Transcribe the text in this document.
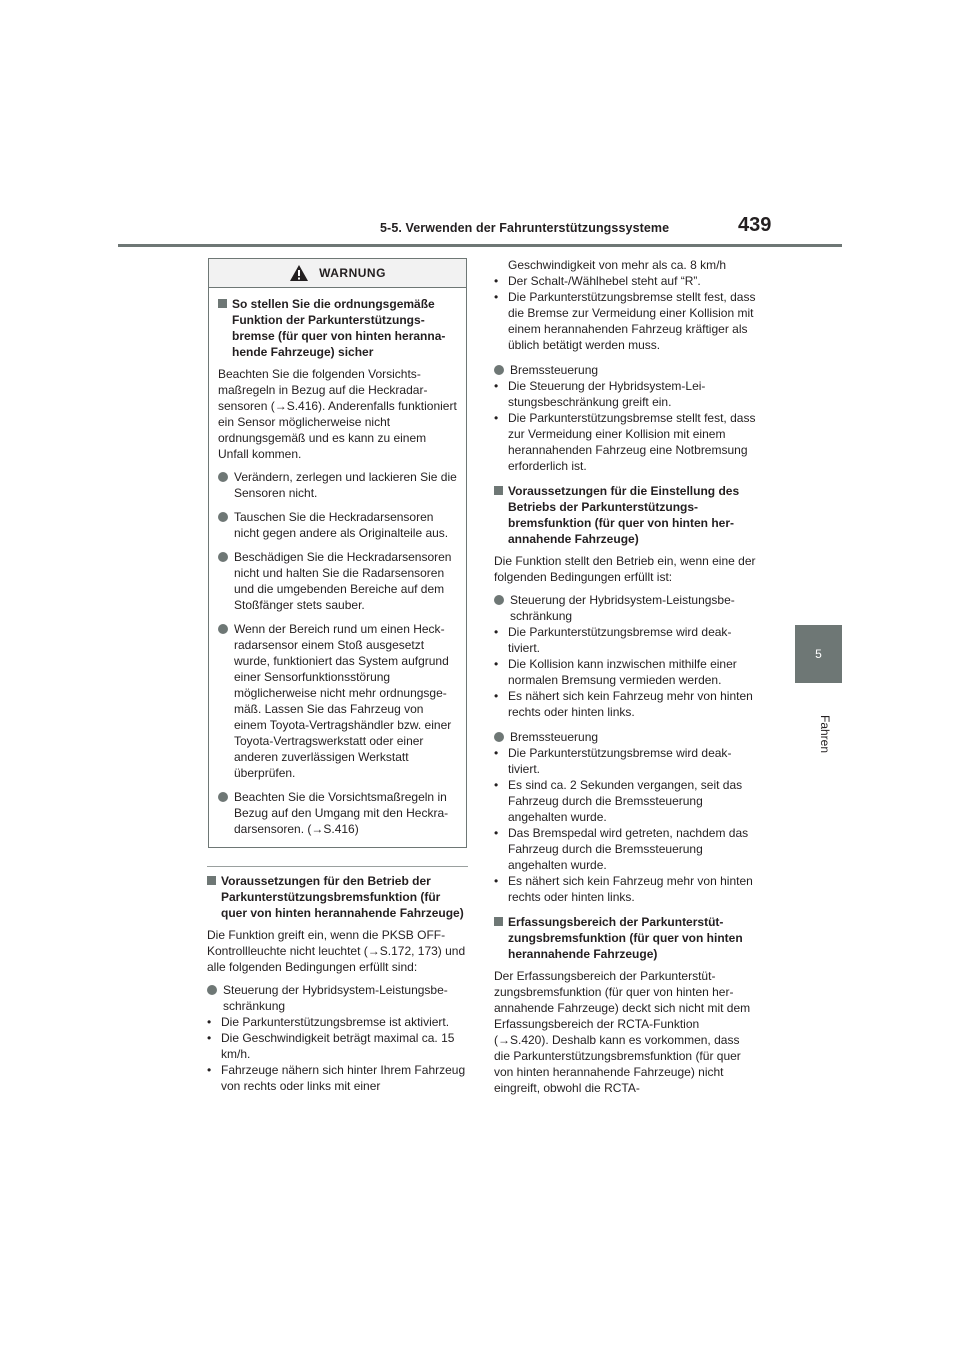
5-5. Verwenden der Fahrunterstützungssysteme	439
5
Fahren
WARNUNG
So stellen Sie die ordnungsgemäße Funktion der Parkunterstützungsbremse (für quer von hinten herannahende Fahrzeuge) sicher

Beachten Sie die folgenden Vorsichtsmaßregeln in Bezug auf die Heckradarsensoren (→S.416). Anderenfalls funktioniert ein Sensor möglicherweise nicht ordnungsgemäß und es kann zu einem Unfall kommen.

Verändern, zerlegen und lackieren Sie die Sensoren nicht.
Tauschen Sie die Heckradarsensoren nicht gegen andere als Originalteile aus.
Beschädigen Sie die Heckradarsensoren nicht und halten Sie die Radarsensoren und die umgebenden Bereiche auf dem Stoßfänger stets sauber.
Wenn der Bereich rund um einen Heckradarsensor einem Stoß ausgesetzt wurde, funktioniert das System aufgrund einer Sensorfunktionsstörung möglicherweise nicht mehr ordnungsgemäß. Lassen Sie das Fahrzeug von einem Toyota-Vertragshändler bzw. einer Toyota-Vertragswerkstatt oder einer anderen zuverlässigen Werkstatt überprüfen.
Beachten Sie die Vorsichtsmaßregeln in Bezug auf den Umgang mit den Heckradarsensoren. (→S.416)
Voraussetzungen für den Betrieb der Parkunterstützungsbremsfunktion (für quer von hinten herannahende Fahrzeuge)

Die Funktion greift ein, wenn die PKSB OFF-Kontrollleuchte nicht leuchtet (→S.172, 173) und alle folgenden Bedingungen erfüllt sind:

Steuerung der Hybridsystem-Leistungsbeschränkung
• Die Parkunterstützungsbremse ist aktiviert.
• Die Geschwindigkeit beträgt maximal ca. 15 km/h.
• Fahrzeuge nähern sich hinter Ihrem Fahrzeug von rechts oder links mit einer
Geschwindigkeit von mehr als ca. 8 km/h
• Der Schalt-/Wählhebel steht auf “R”.
• Die Parkunterstützungsbremse stellt fest, dass die Bremse zur Vermeidung einer Kollision mit einem herannahenden Fahrzeug kräftiger als üblich betätigt werden muss.
Bremssteuerung
• Die Steuerung der Hybridsystem-Leistungsbeschränkung greift ein.
• Die Parkunterstützungsbremse stellt fest, dass zur Vermeidung einer Kollision mit einem herannahenden Fahrzeug eine Notbremsung erforderlich ist.
Voraussetzungen für die Einstellung des Betriebs der Parkunterstützungsbremsfunktion (für quer von hinten herannahende Fahrzeuge)

Die Funktion stellt den Betrieb ein, wenn eine der folgenden Bedingungen erfüllt ist:

Steuerung der Hybridsystem-Leistungsbeschränkung
• Die Parkunterstützungsbremse wird deaktiviert.
• Die Kollision kann inzwischen mithilfe einer normalen Bremsung vermieden werden.
• Es nähert sich kein Fahrzeug mehr von hinten rechts oder hinten links.
Bremssteuerung
• Die Parkunterstützungsbremse wird deaktiviert.
• Es sind ca. 2 Sekunden vergangen, seit das Fahrzeug durch die Bremssteuerung angehalten wurde.
• Das Bremspedal wird getreten, nachdem das Fahrzeug durch die Bremssteuerung angehalten wurde.
• Es nähert sich kein Fahrzeug mehr von hinten rechts oder hinten links.
Erfassungsbereich der Parkunterstützungsbremsfunktion (für quer von hinten herannahende Fahrzeuge)

Der Erfassungsbereich der Parkunterstützungsbremsfunktion (für quer von hinten herannahende Fahrzeuge) deckt sich nicht mit dem Erfassungsbereich der RCTA-Funktion (→S.420). Deshalb kann es vorkommen, dass die Parkunterstützungsbremsfunktion (für quer von hinten herannahende Fahrzeuge) nicht eingreift, obwohl die RCTA-
